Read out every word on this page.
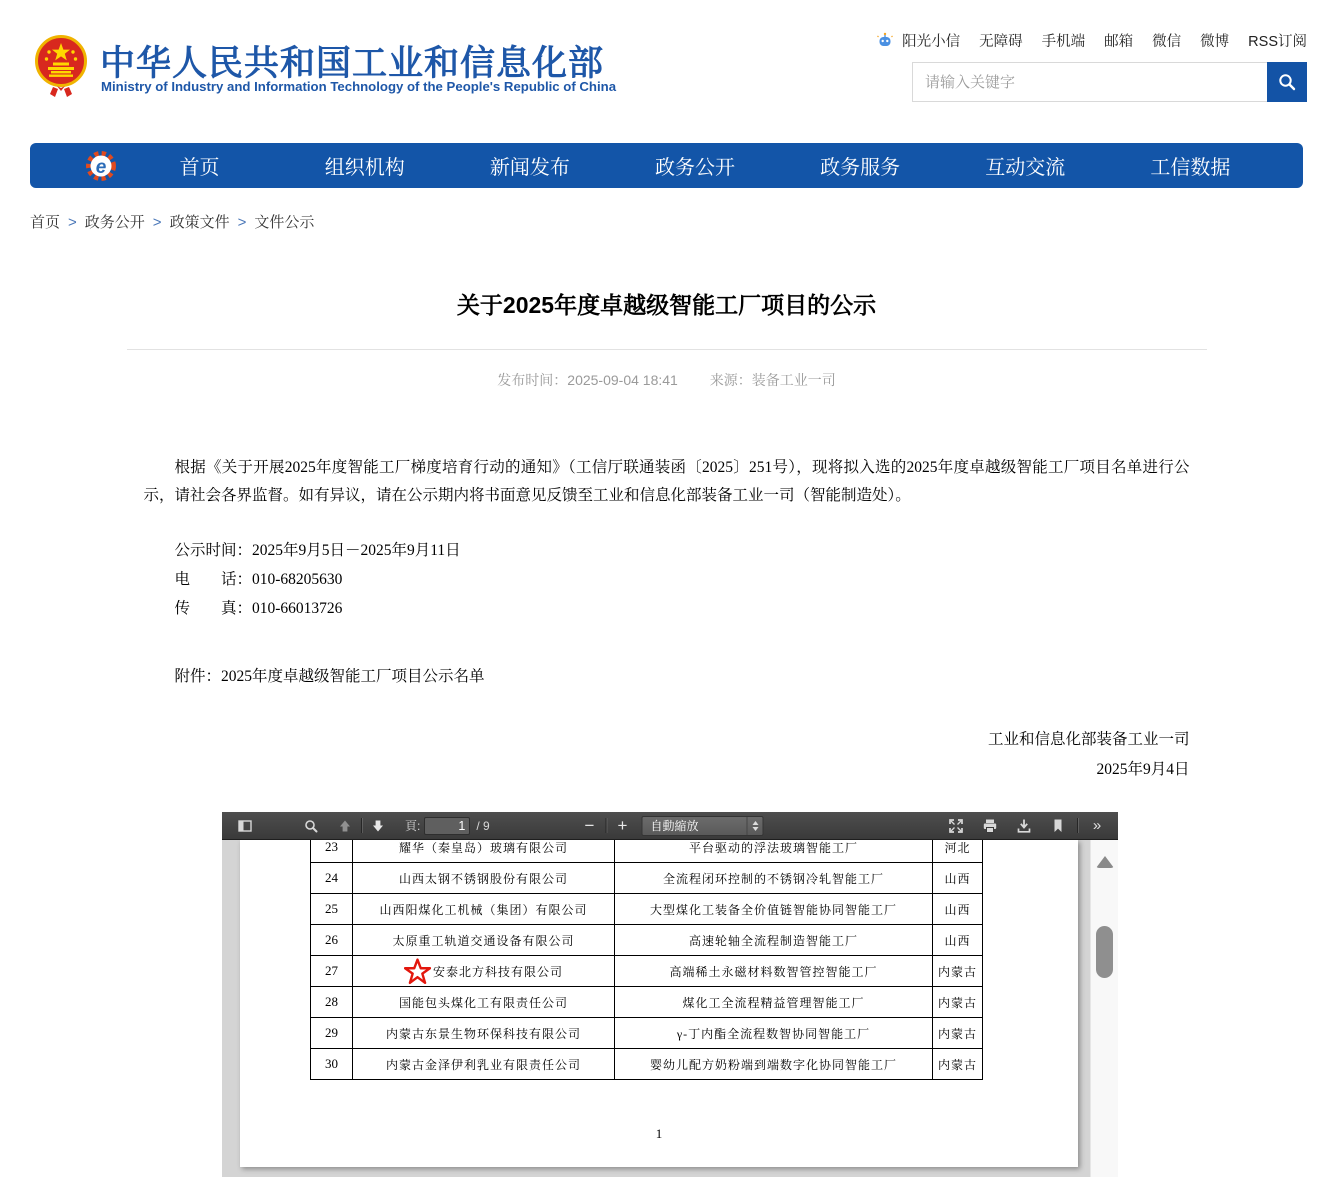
中华人民共和国工业和信息化部
Ministry of Industry and Information Technology of the People's Republic of China
阳光小信 无障碍 手机端 邮箱 微信 微博 RSS订阅
请输入关键字
e	首页	组织机构	新闻发布	政务公开	政务服务	互动交流	工信数据
首页 > 政务公开 > 政策文件 > 文件公示
关于2025年度卓越级智能工厂项目的公示
发布时间：2025-09-04 18:41 来源：装备工业一司

根据《关于开展2025年度智能工厂梯度培育行动的通知》（工信厅联通装函〔2025〕251号），现将拟入选的2025年度卓越级智能工厂项目名单进行公示，请社会各界监督。如有异议，请在公示期内将书面意见反馈至工业和信息化部装备工业一司（智能制造处）。

公示时间：2025年9月5日－2025年9月11日
电　　话：010-68205630
传　　真：010-66013726
附件：2025年度卓越级智能工厂项目公示名单
工业和信息化部装备工业一司
2025年9月4日
頁:
1	/ 9	−	+	自動縮放	»
23	耀华（秦皇岛）玻璃有限公司	平台驱动的浮法玻璃智能工厂	河北
24	山西太钢不锈钢股份有限公司	全流程闭环控制的不锈钢冷轧智能工厂	山西
25	山西阳煤化工机械（集团）有限公司	大型煤化工装备全价值链智能协同智能工厂	山西
26	太原重工轨道交通设备有限公司	高速轮轴全流程制造智能工厂	山西
27	安泰北方科技有限公司	高端稀土永磁材料数智管控智能工厂	内蒙古
28	国能包头煤化工有限责任公司	煤化工全流程精益管理智能工厂	内蒙古
29	内蒙古东景生物环保科技有限公司	γ-丁内酯全流程数智协同智能工厂	内蒙古
30	内蒙古金泽伊利乳业有限责任公司	婴幼儿配方奶粉端到端数字化协同智能工厂	内蒙古
1
